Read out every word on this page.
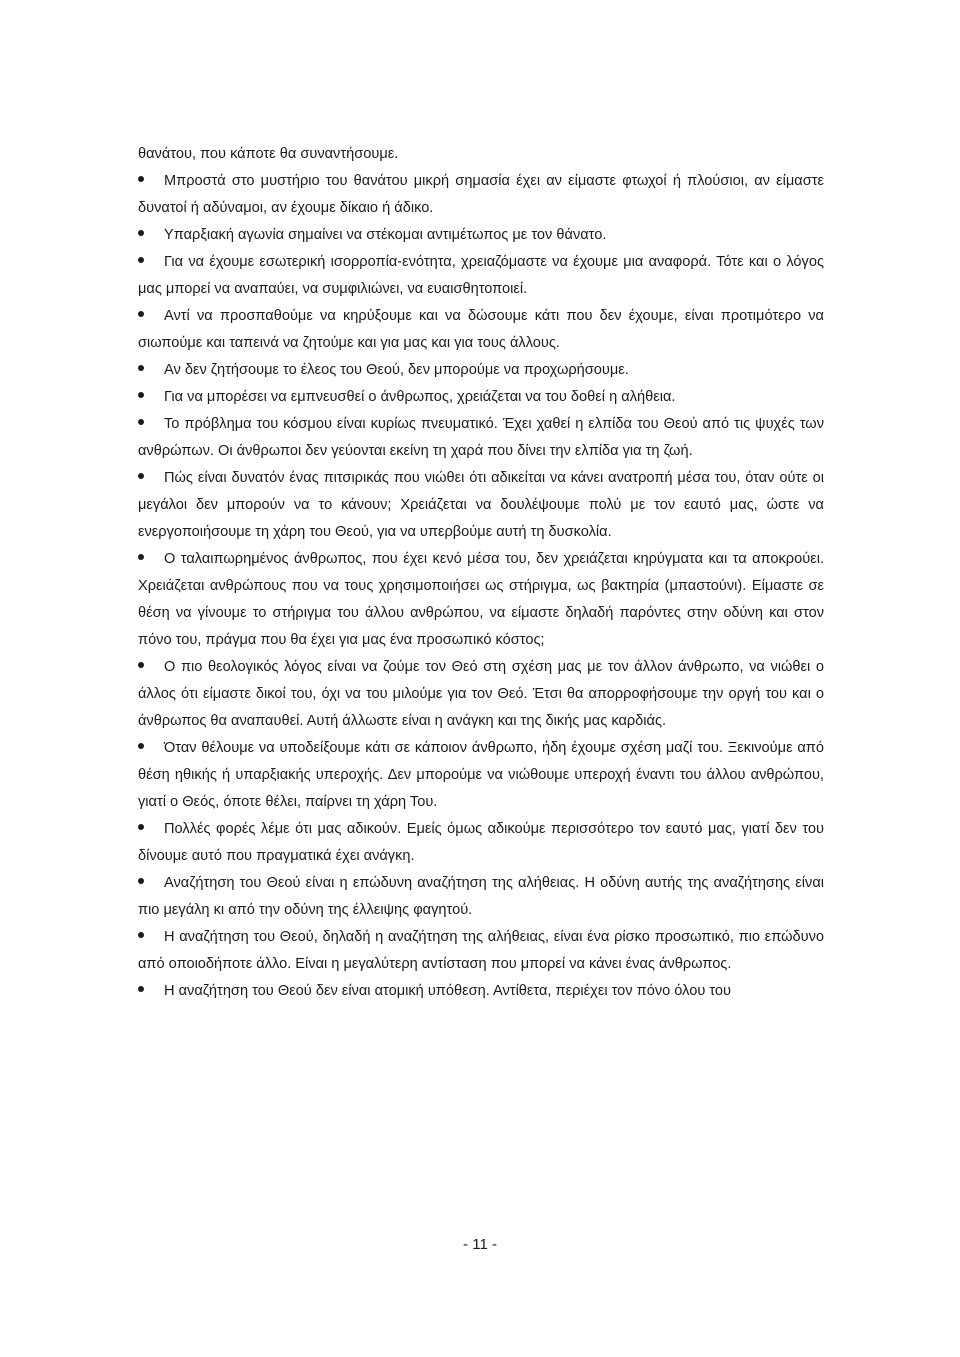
θανάτου, που κάποτε θα συναντήσουμε.

Μπροστά στο μυστήριο του θανάτου μικρή σημασία έχει αν είμαστε φτωχοί ή πλούσιοι, αν είμαστε δυνατοί ή αδύναμοι, αν έχουμε δίκαιο ή άδικο.

Υπαρξιακή αγωνία σημαίνει να στέκομαι αντιμέτωπος με τον θάνατο.

Για να έχουμε εσωτερική ισορροπία-ενότητα, χρειαζόμαστε να έχουμε μια αναφορά. Τότε και ο λόγος μας μπορεί να αναπαύει, να συμφιλιώνει, να ευαισθητοποιεί.

Αντί να προσπαθούμε να κηρύξουμε και να δώσουμε κάτι που δεν έχουμε, είναι προτιμότερο να σιωπούμε και ταπεινά να ζητούμε και για μας και για τους άλλους.

Αν δεν ζητήσουμε το έλεος του Θεού, δεν μπορούμε να προχωρήσουμε.

Για να μπορέσει να εμπνευσθεί ο άνθρωπος, χρειάζεται να του δοθεί η αλήθεια.

Το πρόβλημα του κόσμου είναι κυρίως πνευματικό. Έχει χαθεί η ελπίδα του Θεού από τις ψυχές των ανθρώπων. Οι άνθρωποι δεν γεύονται εκείνη τη χαρά που δίνει την ελπίδα για τη ζωή.

Πώς είναι δυνατόν ένας πιτσιρικάς που νιώθει ότι αδικείται να κάνει ανατροπή μέσα του, όταν ούτε οι μεγάλοι δεν μπορούν να το κάνουν; Χρειάζεται να δουλέψουμε πολύ με τον εαυτό μας, ώστε να ενεργοποιήσουμε τη χάρη του Θεού, για να υπερβούμε αυτή τη δυσκολία.

Ο ταλαιπωρημένος άνθρωπος, που έχει κενό μέσα του, δεν χρειάζεται κηρύγματα και τα αποκρούει. Χρειάζεται ανθρώπους που να τους χρησιμοποιήσει ως στήριγμα, ως βακτηρία (μπαστούνι). Είμαστε σε θέση να γίνουμε το στήριγμα του άλλου ανθρώπου, να είμαστε δηλαδή παρόντες στην οδύνη και στον πόνο του, πράγμα που θα έχει για μας ένα προσωπικό κόστος;

Ο πιο θεολογικός λόγος είναι να ζούμε τον Θεό στη σχέση μας με τον άλλον άνθρωπο, να νιώθει ο άλλος ότι είμαστε δικοί του, όχι να του μιλούμε για τον Θεό. Έτσι θα απορροφήσουμε την οργή του και ο άνθρωπος θα αναπαυθεί. Αυτή άλλωστε είναι η ανάγκη και της δικής μας καρδιάς.

Όταν θέλουμε να υποδείξουμε κάτι σε κάποιον άνθρωπο, ήδη έχουμε σχέση μαζί του. Ξεκινούμε από θέση ηθικής ή υπαρξιακής υπεροχής. Δεν μπορούμε να νιώθουμε υπεροχή έναντι του άλλου ανθρώπου, γιατί ο Θεός, όποτε θέλει, παίρνει τη χάρη Του.

Πολλές φορές λέμε ότι μας αδικούν. Εμείς όμως αδικούμε περισσότερο τον εαυτό μας, γιατί δεν του δίνουμε αυτό που πραγματικά έχει ανάγκη.

Αναζήτηση του Θεού είναι η επώδυνη αναζήτηση της αλήθειας. Η οδύνη αυτής της αναζήτησης είναι πιο μεγάλη κι από την οδύνη της έλλειψης φαγητού.

Η αναζήτηση του Θεού, δηλαδή η αναζήτηση της αλήθειας, είναι ένα ρίσκο προσωπικό, πιο επώδυνο από οποιοδήποτε άλλο. Είναι η μεγαλύτερη αντίσταση που μπορεί να κάνει ένας άνθρωπος.

Η αναζήτηση του Θεού δεν είναι ατομική υπόθεση. Αντίθετα, περιέχει τον πόνο όλου του

- 11 -
